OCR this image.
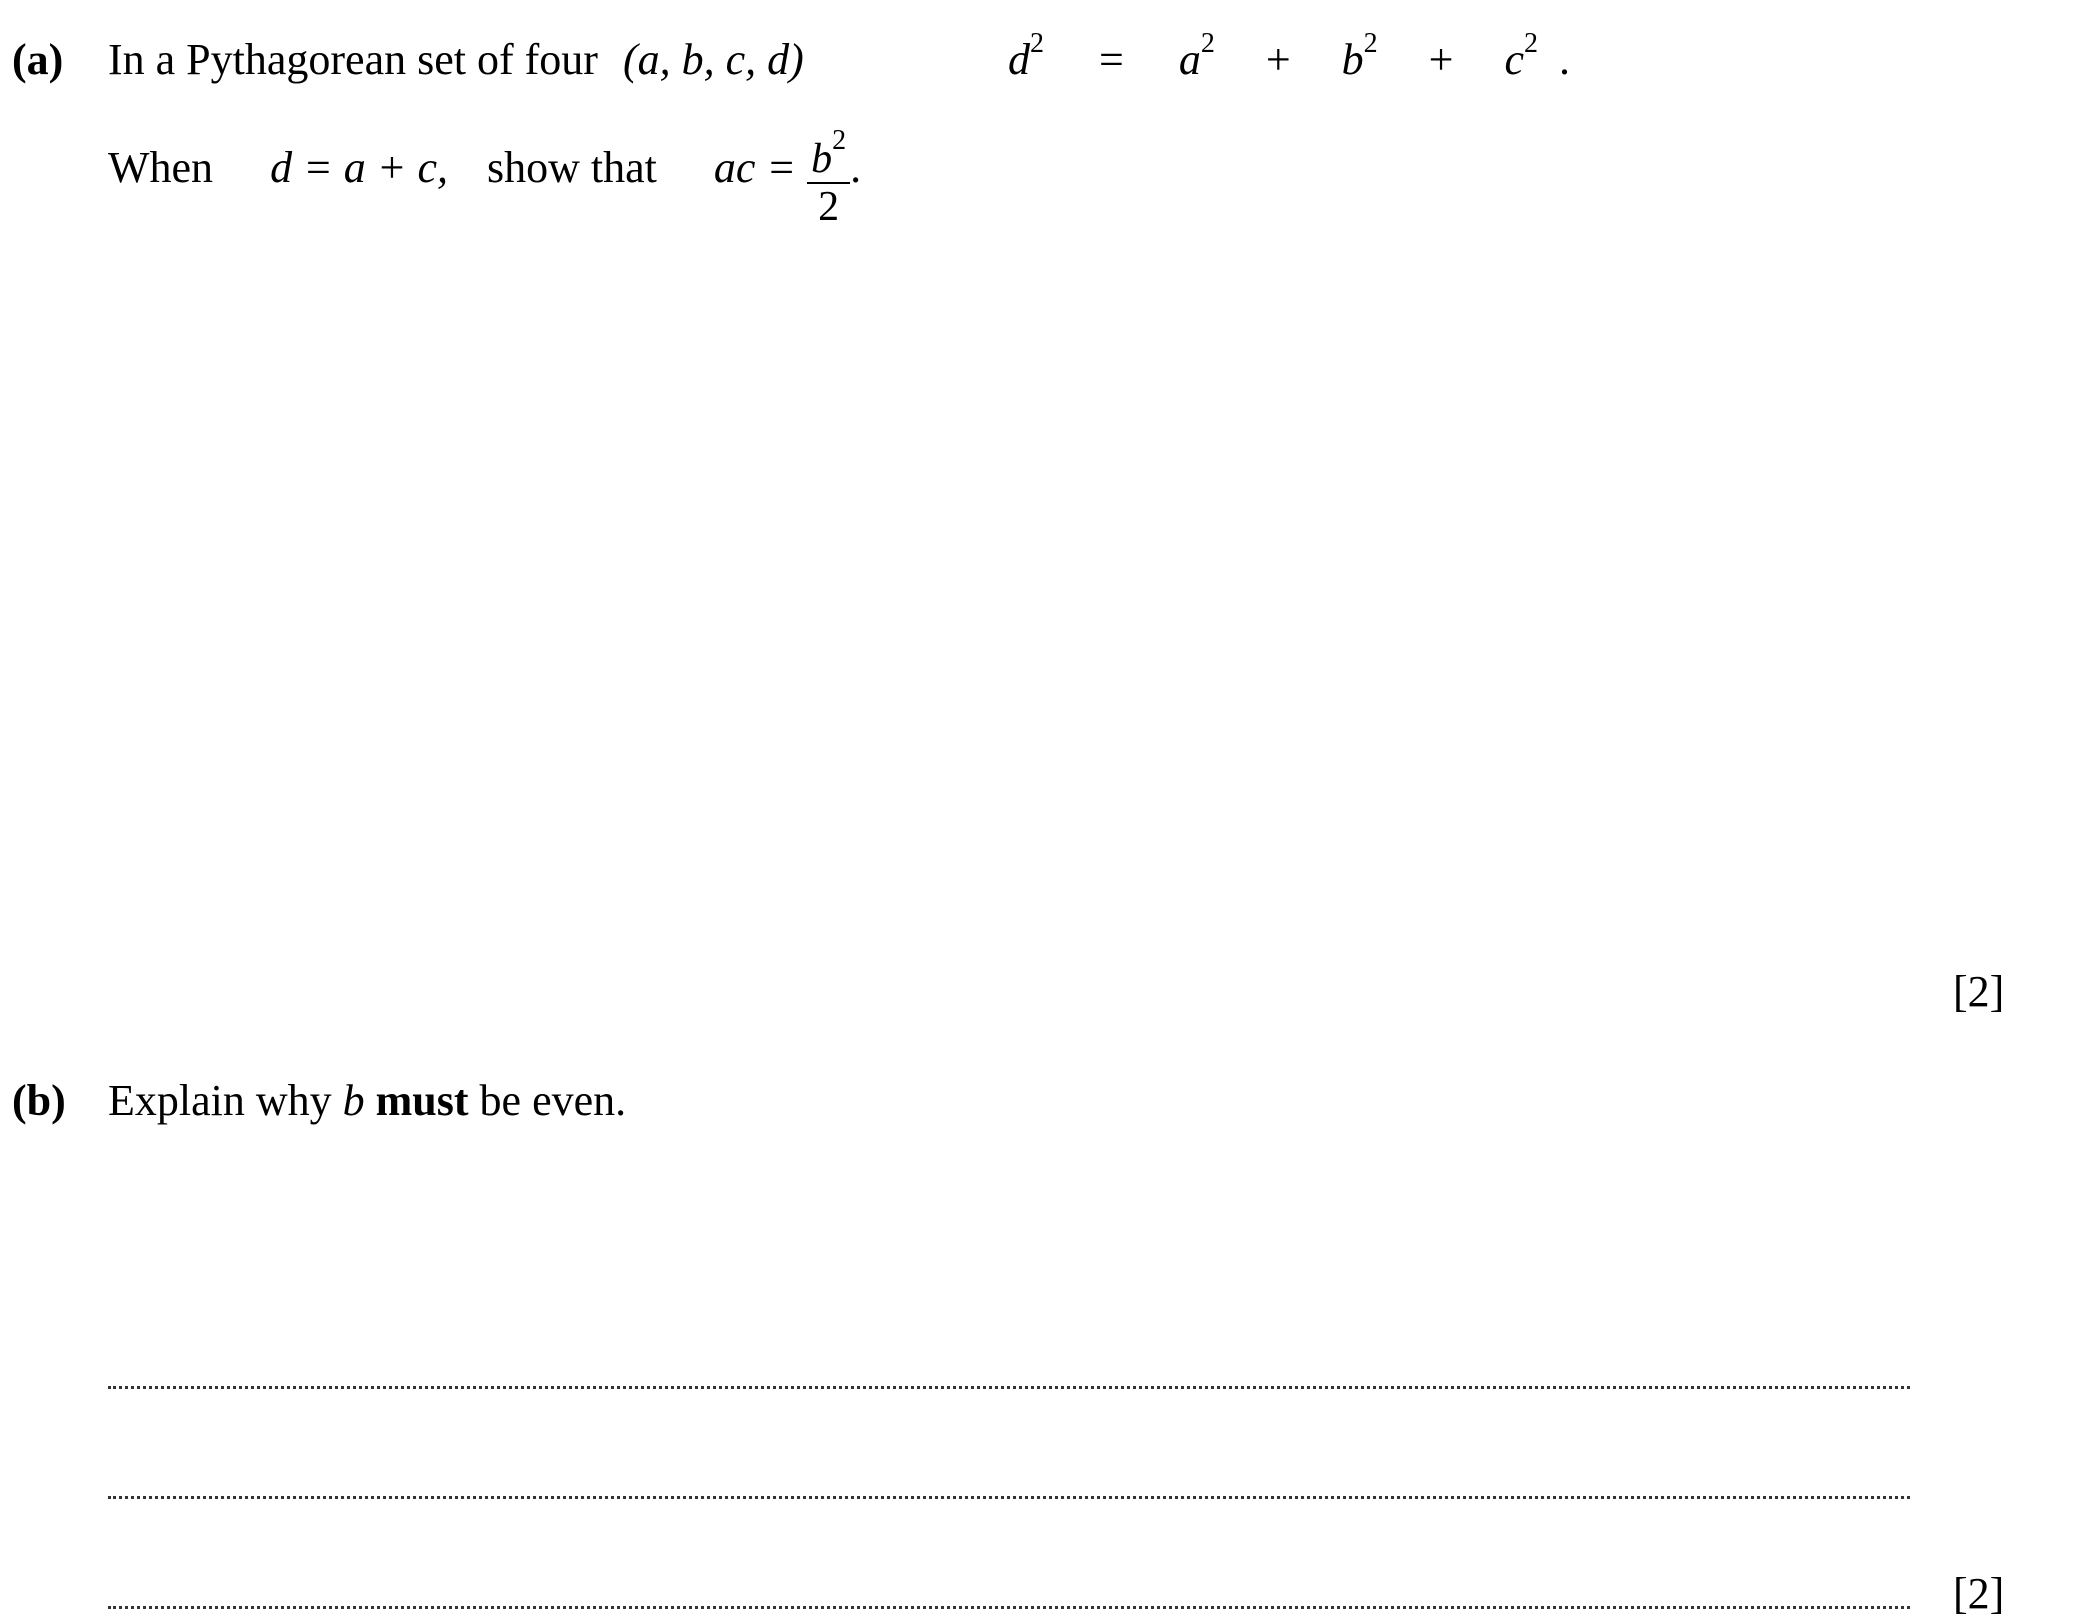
(a) In a Pythagorean set of four (a, b, c, d)	$d^2 = a^2 + b^2 + c^2$ .
When d = a + c, show that ac = $\frac{b^2}{2}$ .
[2]
(b) Explain why b must be even.
[2]
